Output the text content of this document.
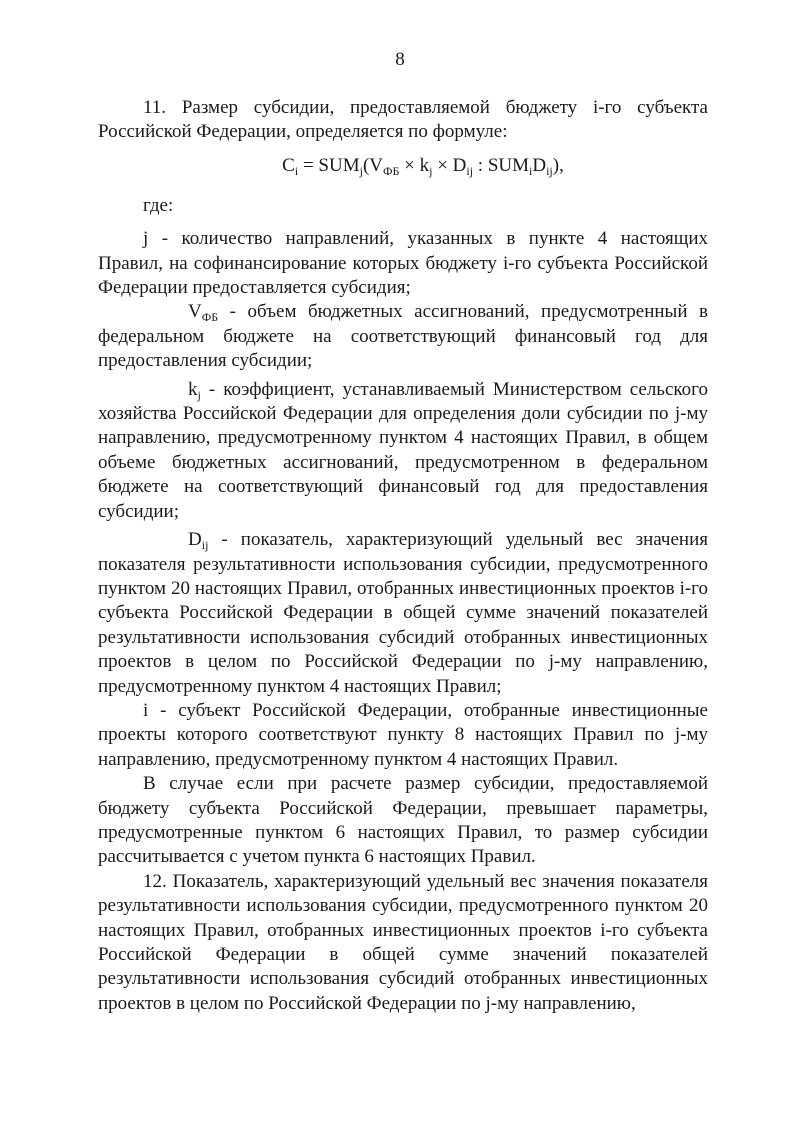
8

11. Размер субсидии, предоставляемой бюджету i-го субъекта Российской Федерации, определяется по формуле:

$C_i = SUM_j(V_{ФБ} \times k_j \times D_{ij}$ : $SUM_iD_{ij}$),

где:

j - количество направлений, указанных в пункте 4 настоящих Правил, на софинансирование которых бюджету i-го субъекта Российской Федерации предоставляется субсидия;

$V_{ФБ}$ - объем бюджетных ассигнований, предусмотренный в федеральном бюджете на соответствующий финансовый год для предоставления субсидии;

$k_j$ - коэффициент, устанавливаемый Министерством сельского хозяйства Российской Федерации для определения доли субсидии по j-му направлению, предусмотренному пунктом 4 настоящих Правил, в общем объеме бюджетных ассигнований, предусмотренном в федеральном бюджете на соответствующий финансовый год для предоставления субсидии;

$D_{ij}$ - показатель, характеризующий удельный вес значения показателя результативности использования субсидии, предусмотренного пунктом 20 настоящих Правил, отобранных инвестиционных проектов i-го субъекта Российской Федерации в общей сумме значений показателей результативности использования субсидий отобранных инвестиционных проектов в целом по Российской Федерации по j-му направлению, предусмотренному пунктом 4 настоящих Правил;

i - субъект Российской Федерации, отобранные инвестиционные проекты которого соответствуют пункту 8 настоящих Правил по j-му направлению, предусмотренному пунктом 4 настоящих Правил.

В случае если при расчете размер субсидии, предоставляемой бюджету субъекта Российской Федерации, превышает параметры, предусмотренные пунктом 6 настоящих Правил, то размер субсидии рассчитывается с учетом пункта 6 настоящих Правил.

12. Показатель, характеризующий удельный вес значения показателя результативности использования субсидии, предусмотренного пунктом 20 настоящих Правил, отобранных инвестиционных проектов i-го субъекта Российской Федерации в общей сумме значений показателей результативности использования субсидий отобранных инвестиционных проектов в целом по Российской Федерации по j-му направлению,
